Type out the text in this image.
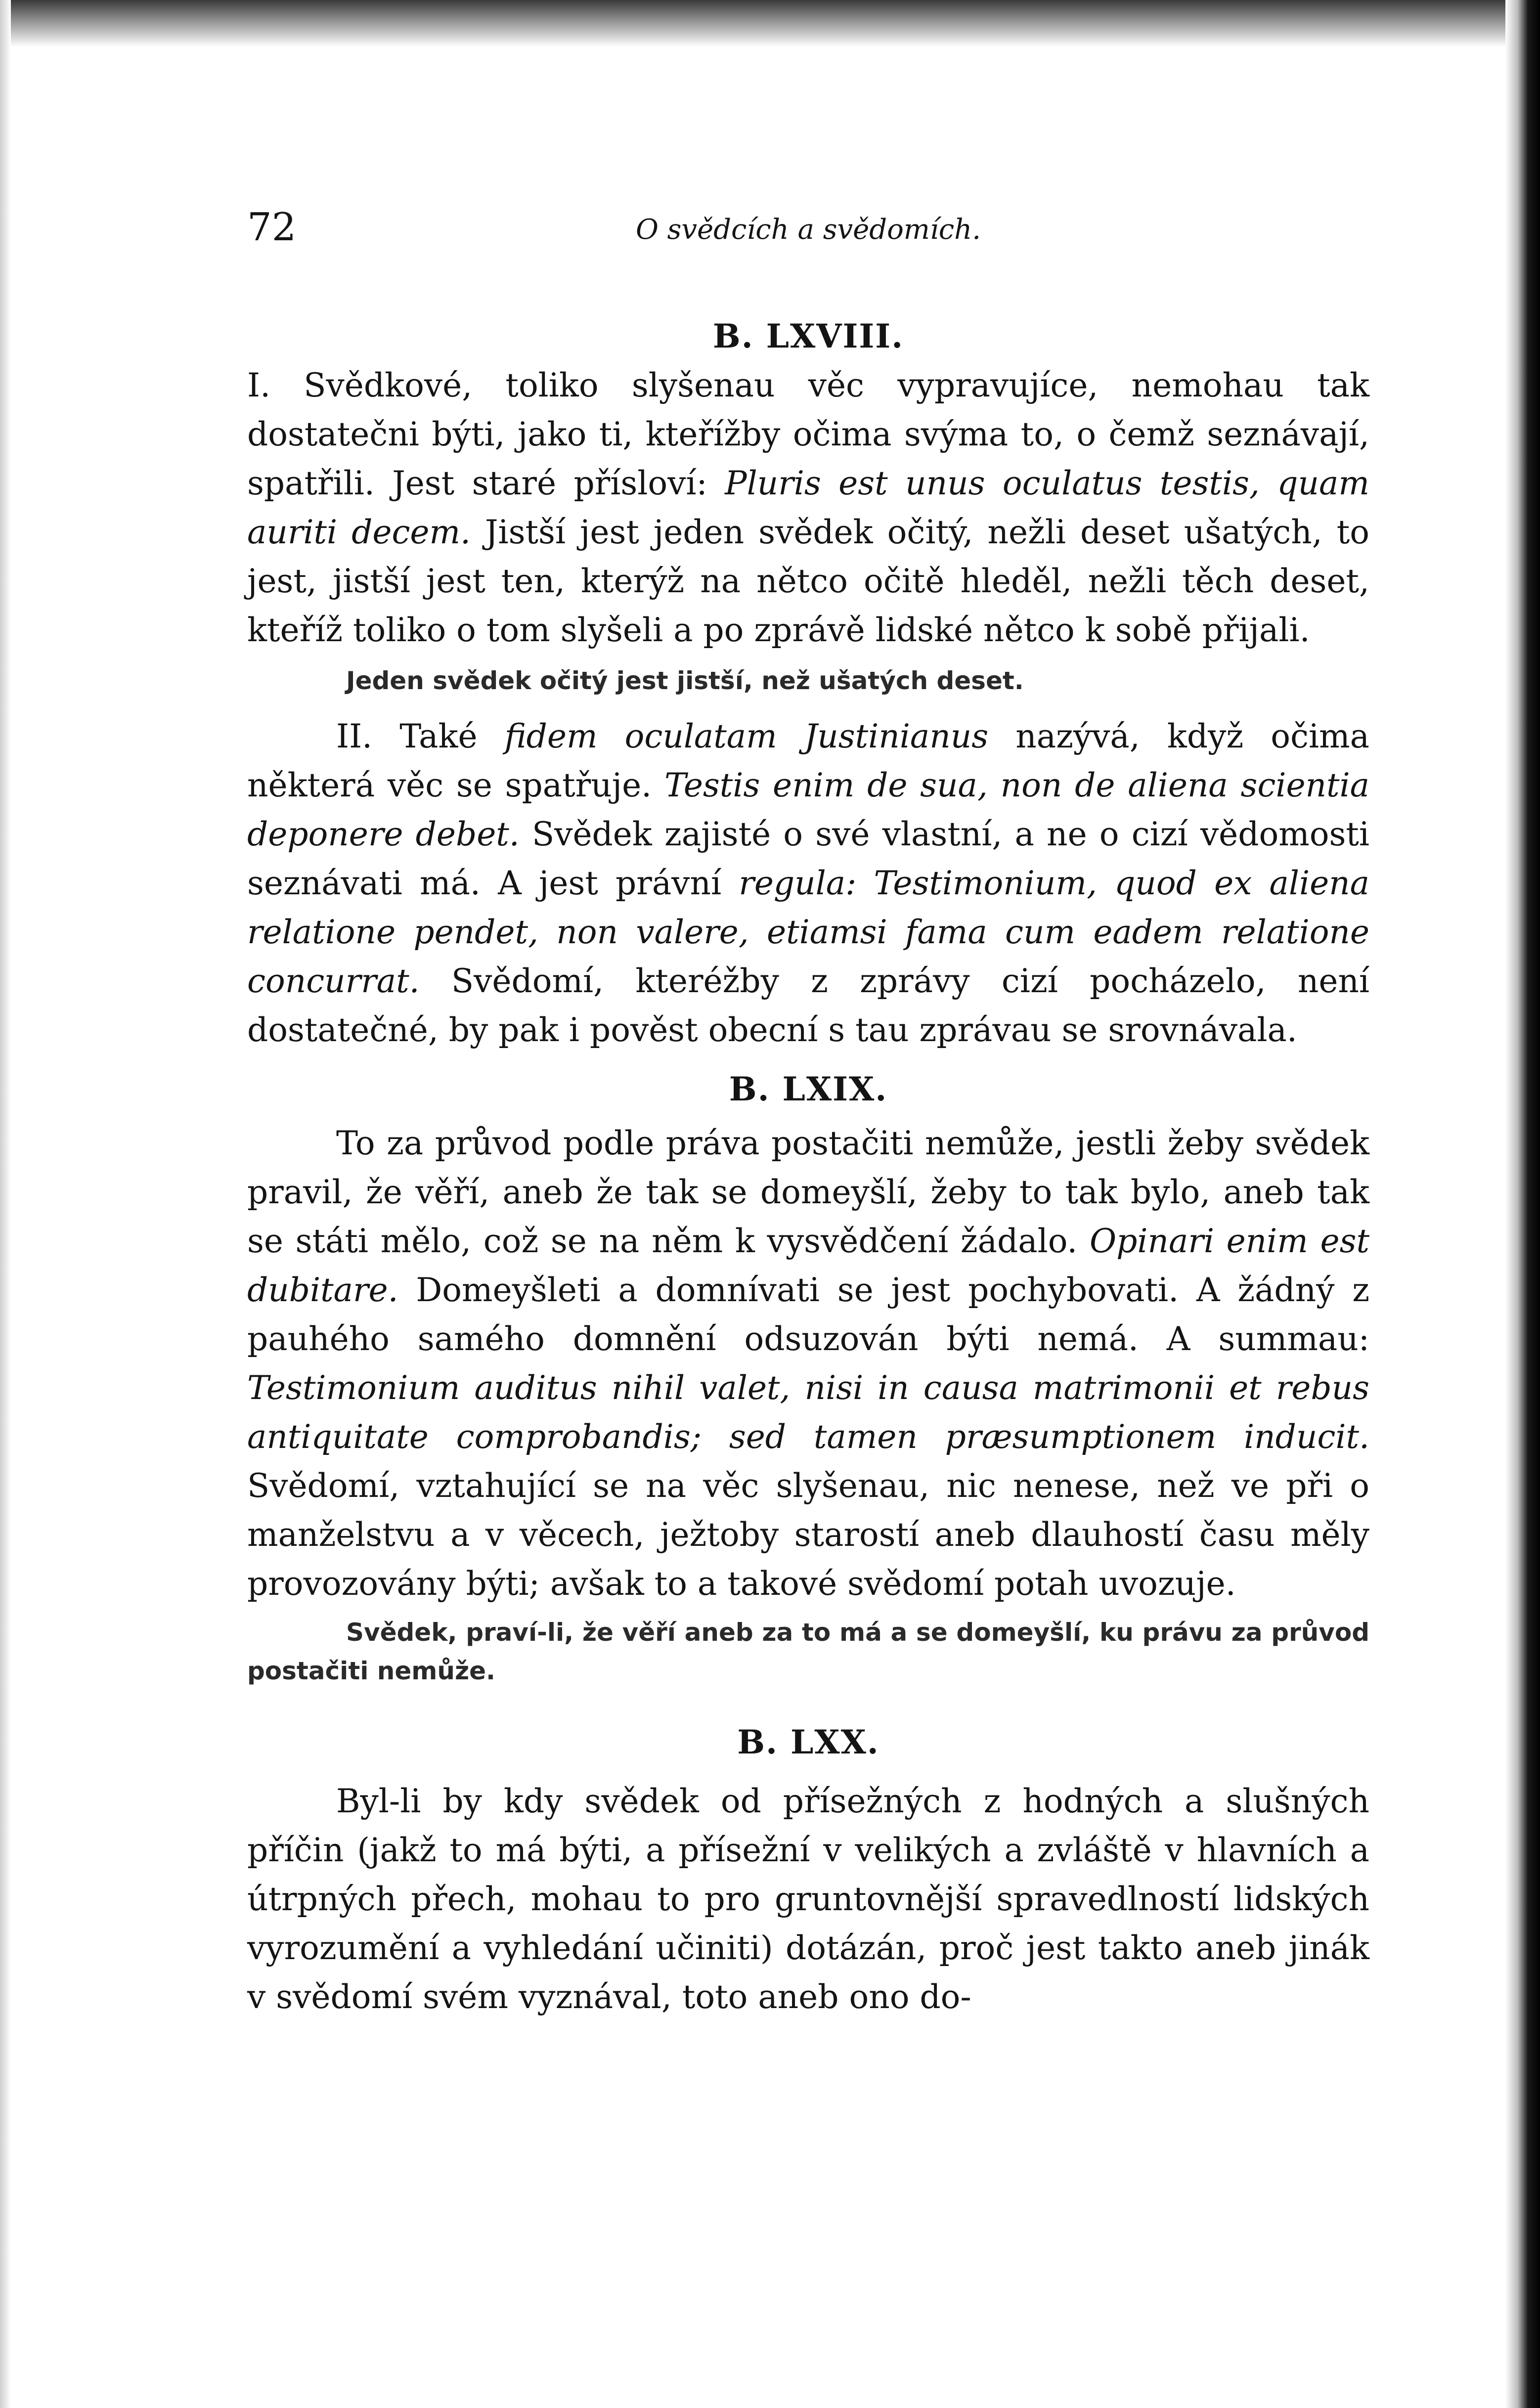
72	O svědcích a svědomích.
B. LXVIII.

I. Svědkové, toliko slyšenau věc vypravujíce, nemohau tak dostatečni býti, jako ti, kteřížby očima svýma to, o čemž seznávají, spatřili. Jest staré přísloví: Pluris est unus oculatus testis, quam auriti decem. Jistší jest jeden svědek očitý, nežli deset ušatých, to jest, jistší jest ten, kterýž na nětco očitě hleděl, nežli těch deset, kteříž toliko o tom slyšeli a po zprávě lidské nětco k sobě přijali.

Jeden svědek očitý jest jistší, než ušatých deset.

II. Také fidem oculatam Justinianus nazývá, když očima některá věc se spatřuje. Testis enim de sua, non de aliena scientia deponere debet. Svědek zajisté o své vlastní, a ne o cizí vědomosti seznávati má. A jest právní regula: Testimonium, quod ex aliena relatione pendet, non valere, etiamsi fama cum eadem relatione concurrat. Svědomí, kteréžby z zprávy cizí pocházelo, není dostatečné, by pak i pověst obecní s tau zprávau se srovnávala.

B. LXIX.

To za průvod podle práva postačiti nemůže, jestli žeby svědek pravil, že věří, aneb že tak se domeyšlí, žeby to tak bylo, aneb tak se státi mělo, což se na něm k vysvědčení žádalo. Opinari enim est dubitare. Domeyšleti a domnívati se jest pochybovati. A žádný z pauhého samého domnění odsuzován býti nemá. A summau: Testimonium auditus nihil valet, nisi in causa matrimonii et rebus antiquitate comprobandis; sed tamen præsumptionem inducit. Svědomí, vztahující se na věc slyšenau, nic nenese, než ve při o manželstvu a v věcech, ježtoby starostí aneb dlauhostí času měly provozovány býti; avšak to a takové svědomí potah uvozuje.

Svědek, praví-li, že věří aneb za to má a se domeyšlí, ku právu za průvod postačiti nemůže.

B. LXX.

Byl-li by kdy svědek od přísežných z hodných a slušných příčin (jakž to má býti, a přísežní v velikých a zvláště v hlavních a útrpných přech, mohau to pro gruntovnější spravedlností lidských vyrozumění a vyhledání učiniti) dotázán, proč jest takto aneb jinák v svědomí svém vyznával, toto aneb ono do-
